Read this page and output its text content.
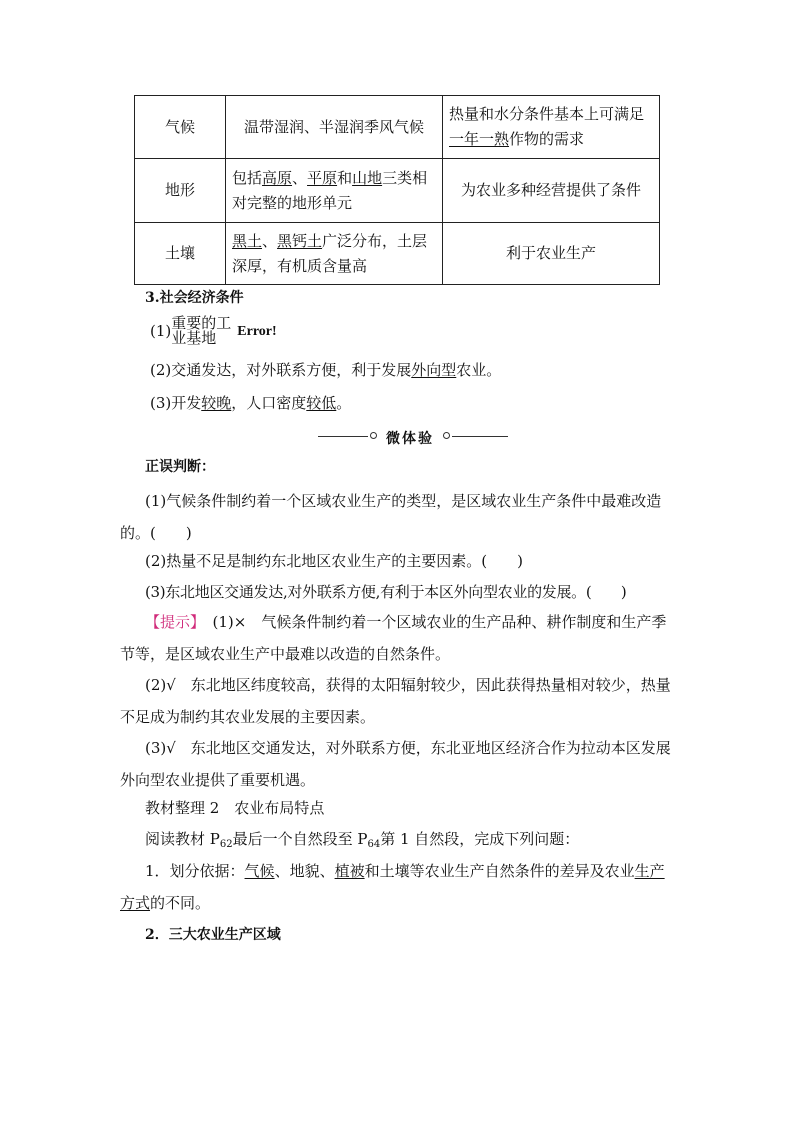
气候	温带湿润、半湿润季风气候	热量和水分条件基本上可满足一年一熟作物的需求
地形	包括高原、平原和山地三类相对完整的地形单元	为农业多种经营提供了条件
土壤	黑土、黑钙土广泛分布，土层深厚，有机质含量高	利于农业生产
3.社会经济条件
(1) 重要的工
业基地	Error!
(2)交通发达，对外联系方便，利于发展外向型农业。
(3)开发较晚，人口密度较低。
微体验
正误判断：
(1)气候条件制约着一个区域农业生产的类型，是区域农业生产条件中最难改造的。(　　)
(2)热量不足是制约东北地区农业生产的主要因素。(　　)
(3)东北地区交通发达,对外联系方便,有利于本区外向型农业的发展。(　　)
【提示】　(1)×　气候条件制约着一个区域农业的生产品种、耕作制度和生产季节等，是区域农业生产中最难以改造的自然条件。
(2)√　东北地区纬度较高，获得的太阳辐射较少，因此获得热量相对较少，热量不足成为制约其农业发展的主要因素。
(3)√　东北地区交通发达，对外联系方便，东北亚地区经济合作为拉动本区发展外向型农业提供了重要机遇。
教材整理 2　农业布局特点
阅读教材 $P_{62}$最后一个自然段至 $P_{64}$第 1 自然段，完成下列问题：
1．划分依据：气候、地貌、植被和土壤等农业生产自然条件的差异及农业生产方式的不同。
2．三大农业生产区域
